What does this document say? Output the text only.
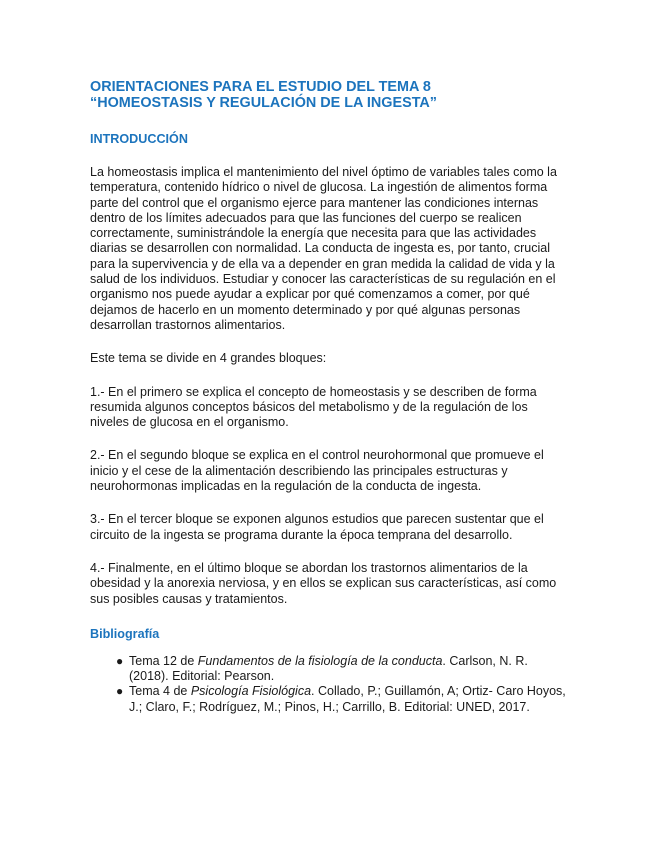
ORIENTACIONES PARA EL ESTUDIO DEL TEMA 8
“HOMEOSTASIS Y REGULACIÓN DE LA INGESTA”
INTRODUCCIÓN

La homeostasis implica el mantenimiento del nivel óptimo de variables tales como la temperatura, contenido hídrico o nivel de glucosa. La ingestión de alimentos forma parte del control que el organismo ejerce para mantener las condiciones internas dentro de los límites adecuados para que las funciones del cuerpo se realicen correctamente, suministrándole la energía que necesita para que las actividades diarias se desarrollen con normalidad. La conducta de ingesta es, por tanto, crucial para la supervivencia y de ella va a depender en gran medida la calidad de vida y la salud de los individuos. Estudiar y conocer las características de su regulación en el organismo nos puede ayudar a explicar por qué comenzamos a comer, por qué dejamos de hacerlo en un momento determinado y por qué algunas personas desarrollan trastornos alimentarios.

Este tema se divide en 4 grandes bloques:

1.- En el primero se explica el concepto de homeostasis y se describen de forma resumida algunos conceptos básicos del metabolismo y de la regulación de los niveles de glucosa en el organismo.

2.- En el segundo bloque se explica en el control neurohormonal que promueve el inicio y el cese de la alimentación describiendo las principales estructuras y neurohormonas implicadas en la regulación de la conducta de ingesta.

3.- En el tercer bloque se exponen algunos estudios que parecen sustentar que el circuito de la ingesta se programa durante la época temprana del desarrollo.

4.- Finalmente, en el último bloque se abordan los trastornos alimentarios de la obesidad y la anorexia nerviosa, y en ellos se explican sus características, así como sus posibles causas y tratamientos.

Bibliografía
● Tema 12 de Fundamentos de la fisiología de la conducta. Carlson, N. R. (2018). Editorial: Pearson.
● Tema 4 de Psicología Fisiológica. Collado, P.; Guillamón, A; Ortiz- Caro Hoyos, J.; Claro, F.; Rodríguez, M.; Pinos, H.; Carrillo, B. Editorial: UNED, 2017.
